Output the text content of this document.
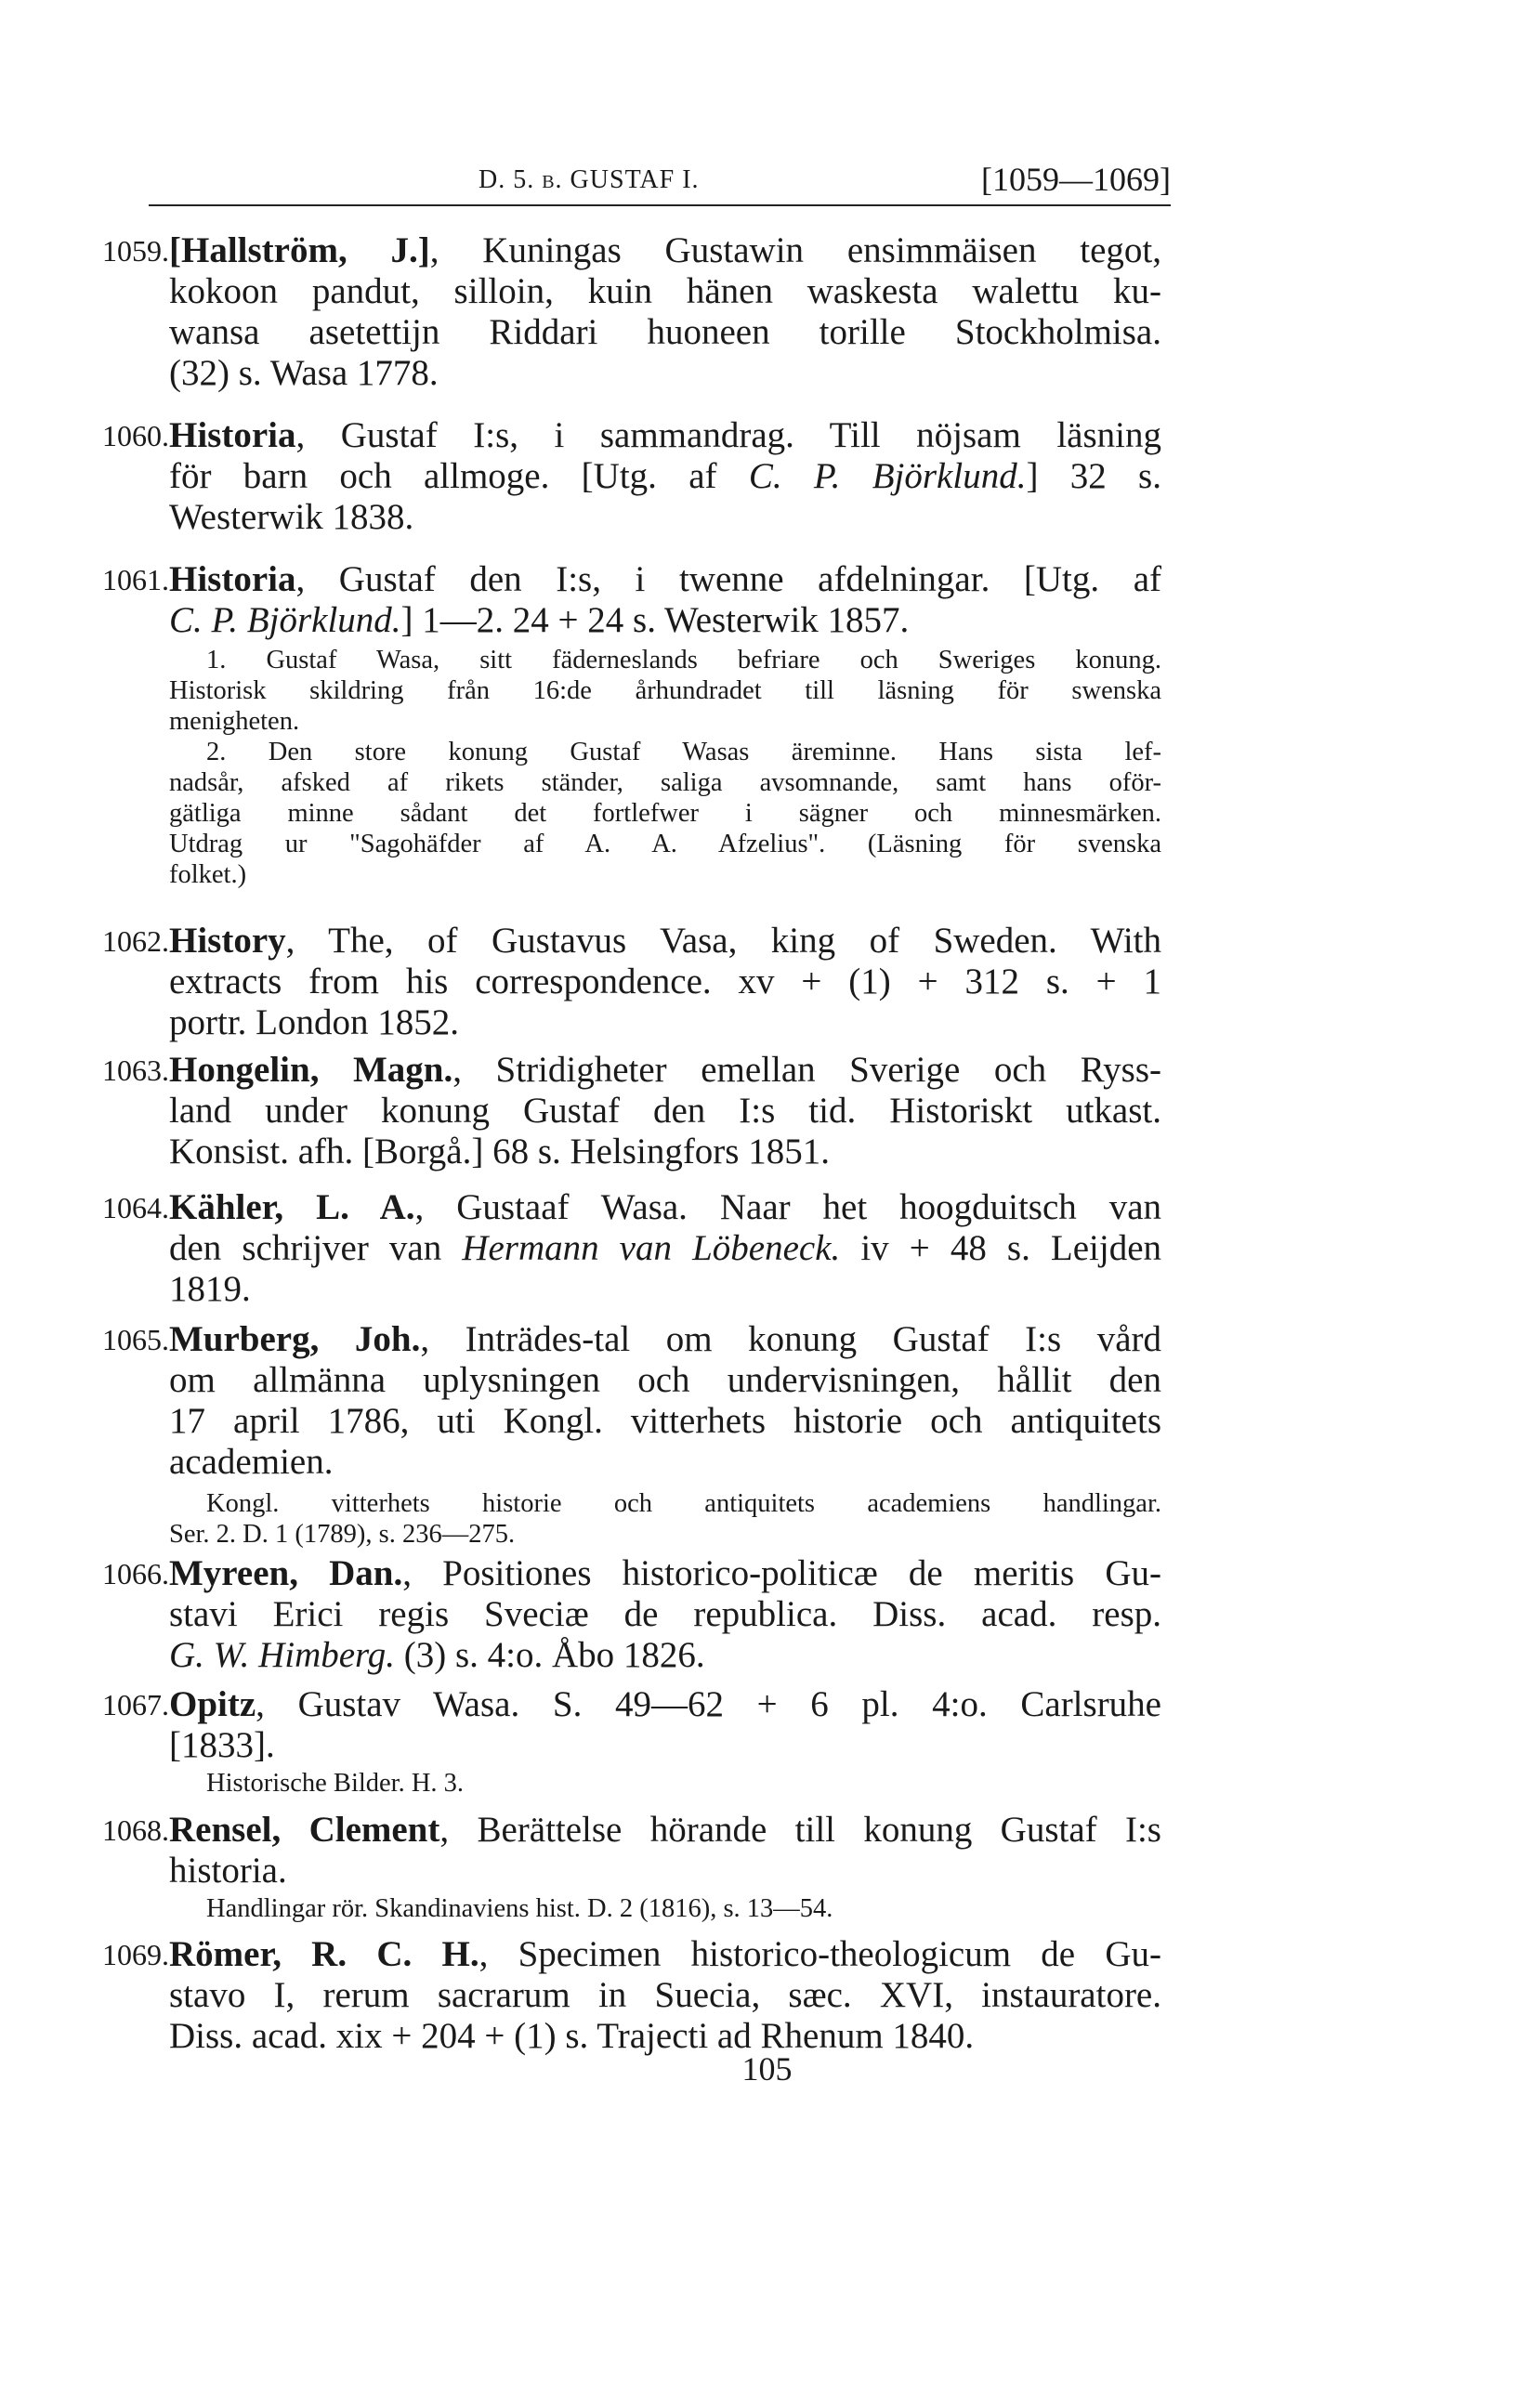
D. 5. b. GUSTAF I.	[1059—1069]
1059. [Hallström, J.], Kuningas Gustawin ensimmäisen tegot,
kokoon pandut, silloin, kuin hänen waskesta walettu ku-
wansa asetettijn Riddari huoneen torille Stockholmisa.
(32) s. Wasa 1778.
1060. Historia, Gustaf I:s, i sammandrag. Till nöjsam läsning
för barn och allmoge. [Utg. af C. P. Björklund.] 32 s.
Westerwik 1838.
1061. Historia, Gustaf den I:s, i twenne afdelningar. [Utg. af
C. P. Björklund.] 1—2. 24 + 24 s. Westerwik 1857.
1. Gustaf Wasa, sitt fäderneslands befriare och Sweriges konung.
Historisk skildring från 16:de århundradet till läsning för swenska
menigheten.
2. Den store konung Gustaf Wasas äreminne. Hans sista lef-
nadsår, afsked af rikets ständer, saliga avsomnande, samt hans oför-
gätliga minne sådant det fortlefwer i sägner och minnesmärken.
Utdrag ur "Sagohäfder af A. A. Afzelius". (Läsning för svenska
folket.)
1062. History, The, of Gustavus Vasa, king of Sweden. With
extracts from his correspondence. xv + (1) + 312 s. + 1
portr. London 1852.
1063. Hongelin, Magn., Stridigheter emellan Sverige och Ryss-
land under konung Gustaf den I:s tid. Historiskt utkast.
Konsist. afh. [Borgå.] 68 s. Helsingfors 1851.
1064. Kähler, L. A., Gustaaf Wasa. Naar het hoogduitsch van
den schrijver van Hermann van Löbeneck. iv + 48 s. Leijden
1819.
1065. Murberg, Joh., Inträdes-tal om konung Gustaf I:s vård
om allmänna uplysningen och undervisningen, hållit den
17 april 1786, uti Kongl. vitterhets historie och antiquitets
academien.
Kongl. vitterhets historie och antiquitets academiens handlingar.
Ser. 2. D. 1 (1789), s. 236—275.
1066. Myreen, Dan., Positiones historico-politicæ de meritis Gu-
stavi Erici regis Sveciæ de republica. Diss. acad. resp.
G. W. Himberg. (3) s. 4:o. Åbo 1826.
1067. Opitz, Gustav Wasa. S. 49—62 + 6 pl. 4:o. Carlsruhe
[1833].
Historische Bilder. H. 3.
1068. Rensel, Clement, Berättelse hörande till konung Gustaf I:s
historia.
Handlingar rör. Skandinaviens hist. D. 2 (1816), s. 13—54.
1069. Römer, R. C. H., Specimen historico-theologicum de Gu-
stavo I, rerum sacrarum in Suecia, sæc. XVI, instauratore.
Diss. acad. xix + 204 + (1) s. Trajecti ad Rhenum 1840.
105
